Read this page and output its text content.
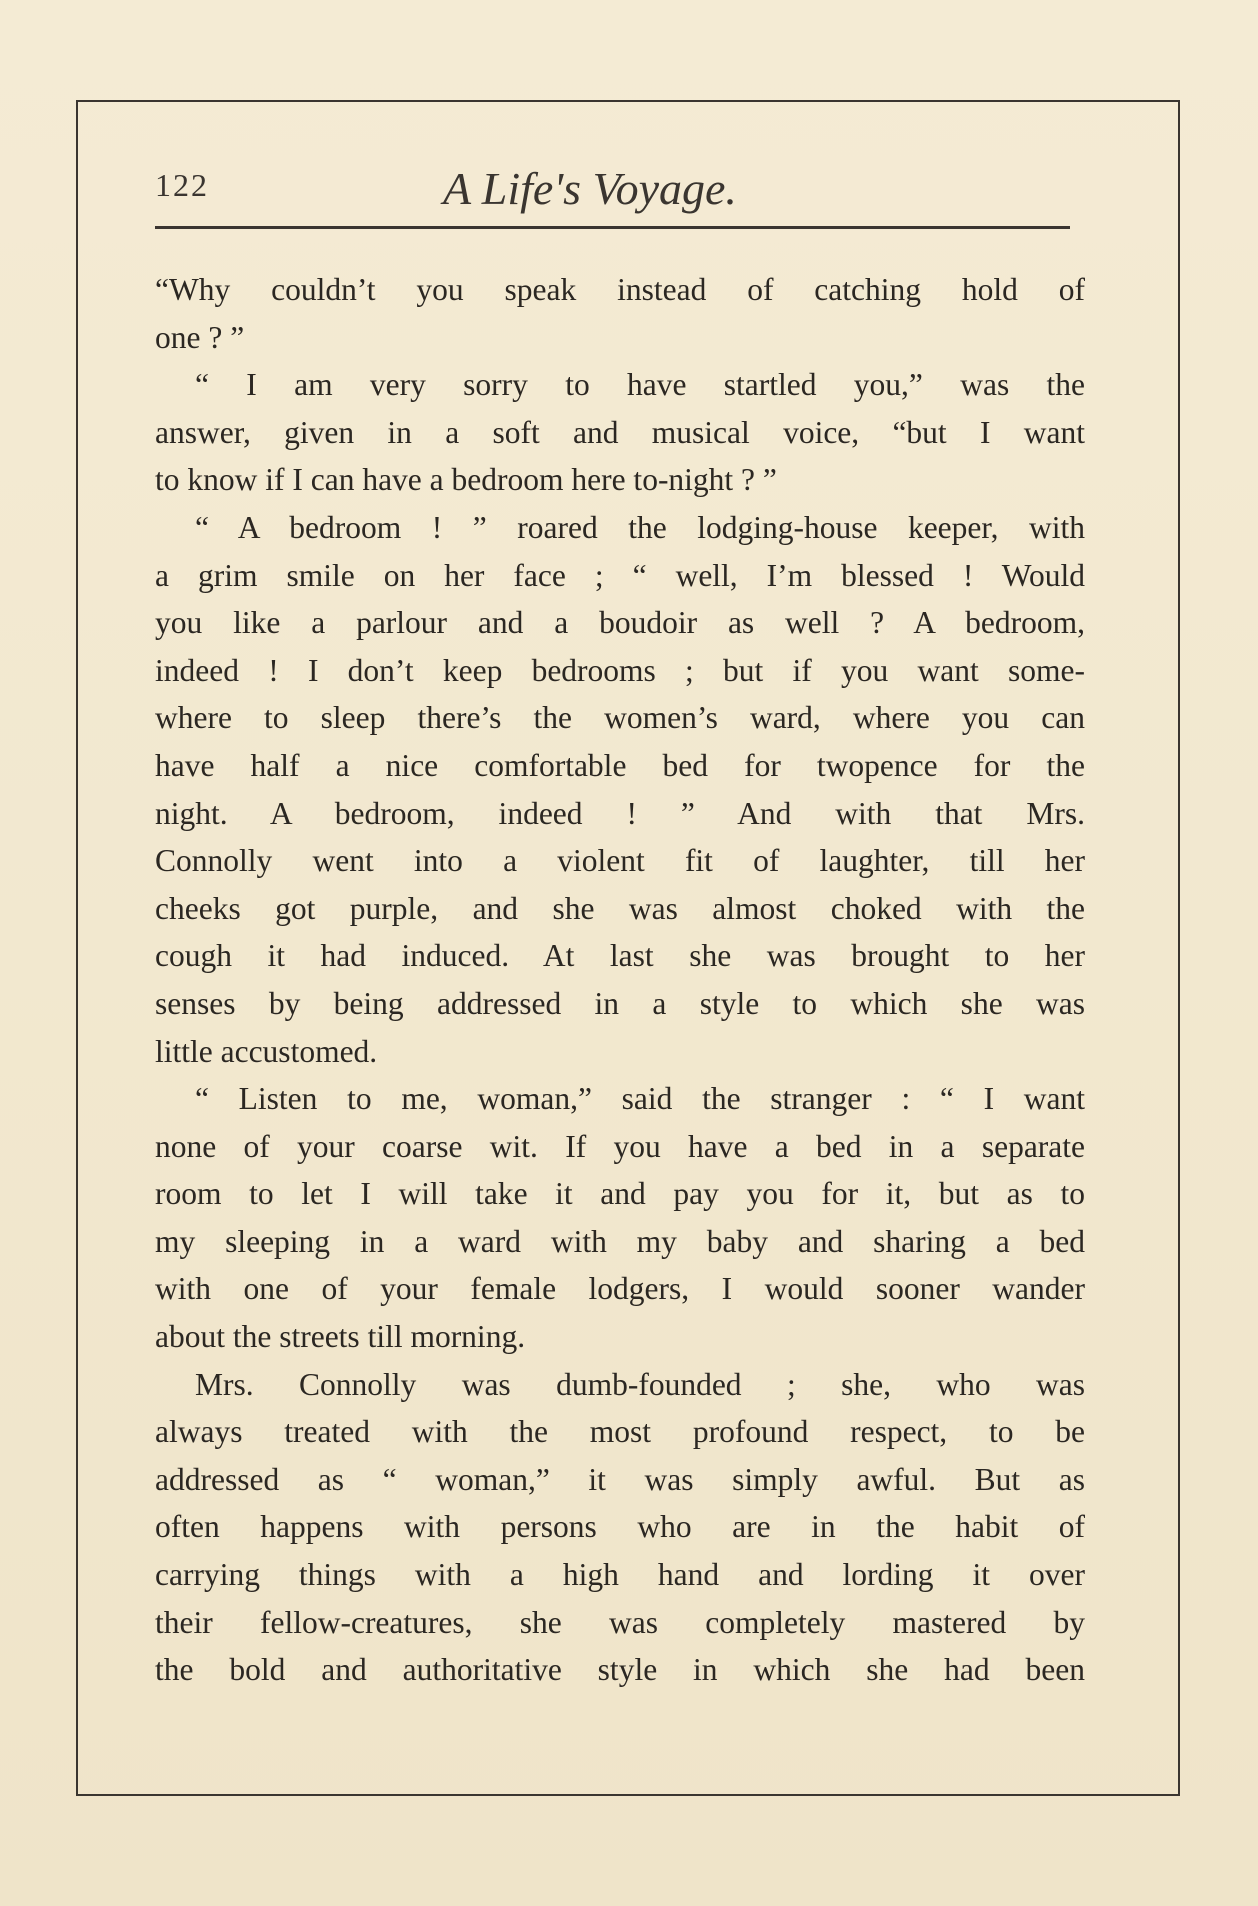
122	A Life's Voyage.
“Why couldn’t you speak instead of catching hold of
one ? ”
“ I am very sorry to have startled you,” was the
answer, given in a soft and musical voice, “but I want
to know if I can have a bedroom here to-night ? ”
“ A bedroom ! ” roared the lodging-house keeper, with
a grim smile on her face ; “ well, I’m blessed ! Would
you like a parlour and a boudoir as well ? A bedroom,
indeed ! I don’t keep bedrooms ; but if you want some-
where to sleep there’s the women’s ward, where you can
have half a nice comfortable bed for twopence for the
night. A bedroom, indeed ! ” And with that Mrs.
Connolly went into a violent fit of laughter, till her
cheeks got purple, and she was almost choked with the
cough it had induced. At last she was brought to her
senses by being addressed in a style to which she was
little accustomed.
“ Listen to me, woman,” said the stranger : “ I want
none of your coarse wit. If you have a bed in a separate
room to let I will take it and pay you for it, but as to
my sleeping in a ward with my baby and sharing a bed
with one of your female lodgers, I would sooner wander
about the streets till morning.
Mrs. Connolly was dumb-founded ; she, who was
always treated with the most profound respect, to be
addressed as “ woman,” it was simply awful. But as
often happens with persons who are in the habit of
carrying things with a high hand and lording it over
their fellow-creatures, she was completely mastered by
the bold and authoritative style in which she had been
